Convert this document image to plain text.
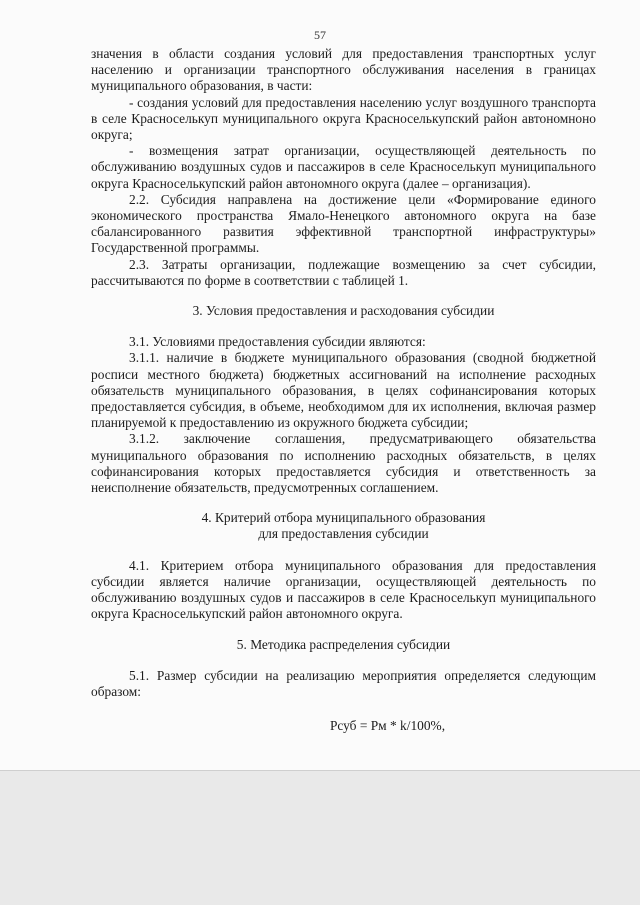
57

значения в области создания условий для предоставления транспортных услуг населению и организации транспортного обслуживания населения в границах муниципального образования, в части:

- создания условий для предоставления населению услуг воздушного транспорта в селе Красноселькуп муниципального округа Красноселькупский район автономноно округа;

- возмещения затрат организации, осуществляющей деятельность по обслуживанию воздушных судов и пассажиров в селе Красноселькуп муниципального округа Красноселькупский район автономного округа (далее – организация).

2.2. Субсидия направлена на достижение цели «Формирование единого экономического пространства Ямало-Ненецкого автономного округа на базе сбалансированного развития эффективной транспортной инфраструктуры» Государственной программы.

2.3. Затраты организации, подлежащие возмещению за счет субсидии, рассчитываются по форме в соответствии с таблицей 1.

3. Условия предоставления и расходования субсидии

3.1. Условиями предоставления субсидии являются:

3.1.1. наличие в бюджете муниципального образования (сводной бюджетной росписи местного бюджета) бюджетных ассигнований на исполнение расходных обязательств муниципального образования, в целях софинансирования которых предоставляется субсидия, в объеме, необходимом для их исполнения, включая размер планируемой к предоставлению из окружного бюджета субсидии;

3.1.2. заключение соглашения, предусматривающего обязательства муниципального образования по исполнению расходных обязательств, в целях софинансирования которых предоставляется субсидия и ответственность за неисполнение обязательств, предусмотренных соглашением.

4. Критерий отбора муниципального образования
для предоставления субсидии

4.1. Критерием отбора муниципального образования для предоставления субсидии является наличие организации, осуществляющей деятельность по обслуживанию воздушных судов и пассажиров в селе Красноселькуп муниципального округа Красноселькупский район автономного округа.

5. Методика распределения субсидии

5.1. Размер субсидии на реализацию мероприятия определяется следующим образом:

Рсуб = Рм * k/100%,
